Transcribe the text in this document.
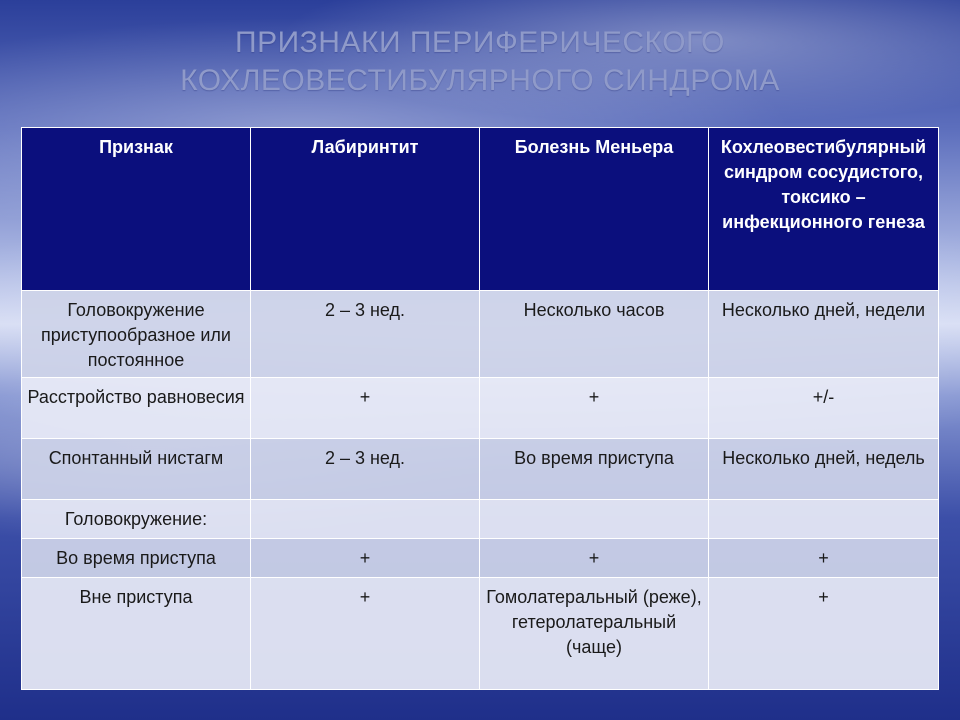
ПРИЗНАКИ ПЕРИФЕРИЧЕСКОГО
КОХЛЕОВЕСТИБУЛЯРНОГО СИНДРОМА
Признак	Лабиринтит	Болезнь Меньера	Кохлеовестибулярный синдром сосудистого, токсико – инфекционного генеза
Головокружение приступообразное или постоянное	2 – 3 нед.	Несколько часов	Несколько дней, недели
Расстройство равновесия	+	+	+/-
Спонтанный нистагм	2 – 3 нед.	Во время приступа	Несколько дней, недель
Головокружение:			
Во время приступа	+	+	+
Вне приступа	+	Гомолатеральный (реже), гетеролатеральный (чаще)	+
